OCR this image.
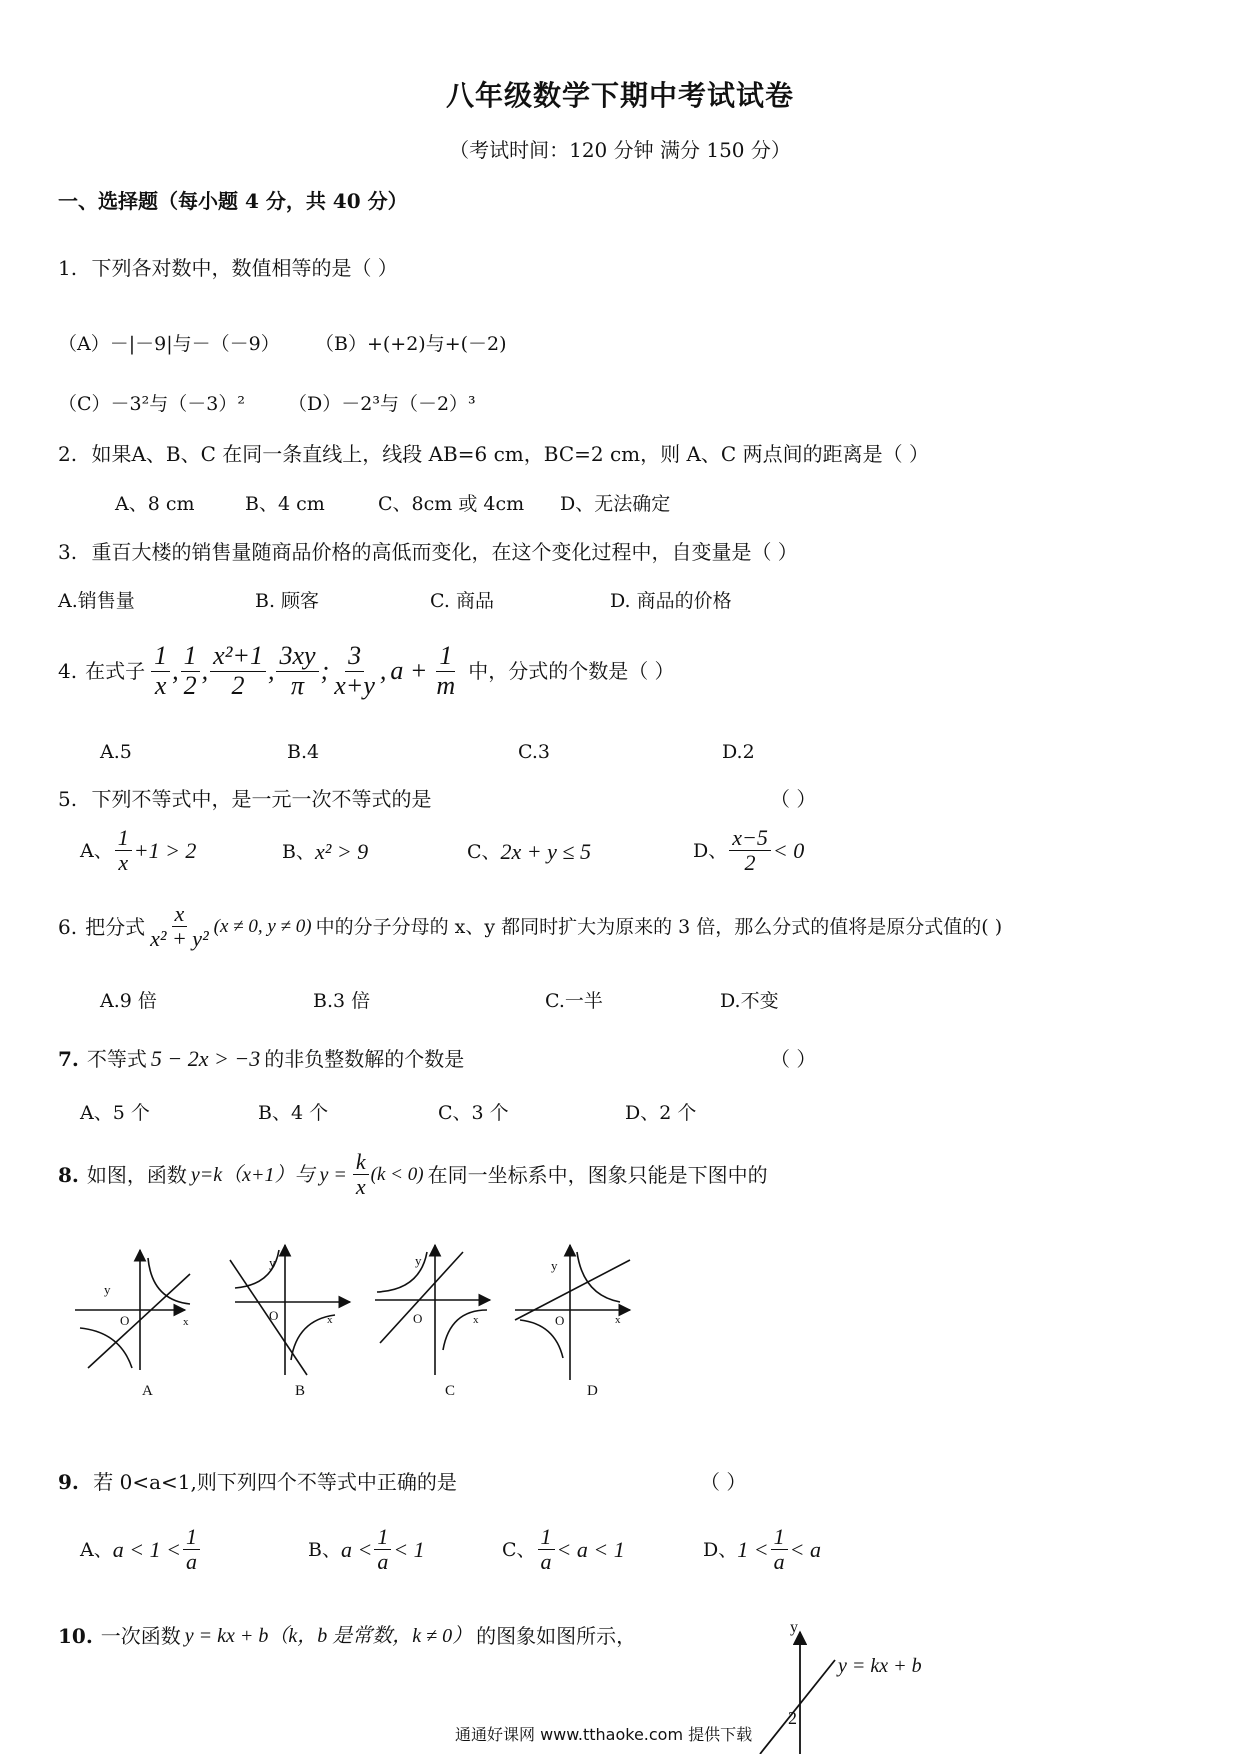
八年级数学下期中考试试卷
（考试时间：120 分钟 满分 150 分）
一、选择题（每小题 4 分，共 40 分）
1. 下列各对数中，数值相等的是（ ）
（A）－|－9|与－（－9） （B）+(+2)与+(－2)
（C）－3²与（－3）² （D）－2³与（－2）³
2. 如果A、B、C 在同一条直线上，线段 AB=6 cm，BC=2 cm，则 A、C 两点间的距离是（ ）
A、8 cm	B、4 cm	C、8cm 或 4cm D、无法确定
3. 重百大楼的销售量随商品价格的高低而变化，在这个变化过程中，自变量是（ ）
A.销售量	B. 顾客	C. 商品	D. 商品的价格
4. 在式子 $\frac{1}{x}$ , $\frac{1}{2}$ , $\frac{\text{x²+1}}{2}$ , $\frac{3xy}{\pi}$ ; $\frac{3}{x+y}$ , $a + \frac{1}{m}$ 中，分式的个数是（ ）
A.5	B.4	C.3	D.2
5. 下列不等式中，是一元一次不等式的是	（ ）
A、 $\frac{1}{x} +1 > 2$	B、 x² > 9	C、 2x + y ≤ 5	D、 $\frac{x-5}{2} < 0$
6. 把分式 $\frac{x}{\text{x² + y²}} (x \ne 0$, y ≠ 0) 中的分子分母的 x、y 都同时扩大为原来的 3 倍，那么分式的值将是原分式值的( )
A.9 倍	B.3 倍	C.一半	D.不变
7. 不等式 5 − 2x > −3 的非负整数解的个数是	（ ）
A、5 个	B、4 个	C、3 个	D、2 个
8. 如图，函数 y=k（x+1）与 $y = \frac{k}{x} (k < 0)$ 在同一坐标系中，图象只能是下图中的
y
O	x
A
y
O	x
B
y
O	x
C
y
O	x
D
9. 若 0<a<1,则下列四个不等式中正确的是	（ ）
A、 $a < 1 < \frac{1}{a}$	B、 $a < \frac{1}{a} < 1$	C、 $\frac{1}{a} < a < 1$	D、 $1 < \frac{1}{a} < a$
10. 一次函数 y = kx + b（k，b 是常数，k ≠ 0） 的图象如图所示，	y
2
y = kx + b
通通好课网 www.tthaoke.com 提供下载
